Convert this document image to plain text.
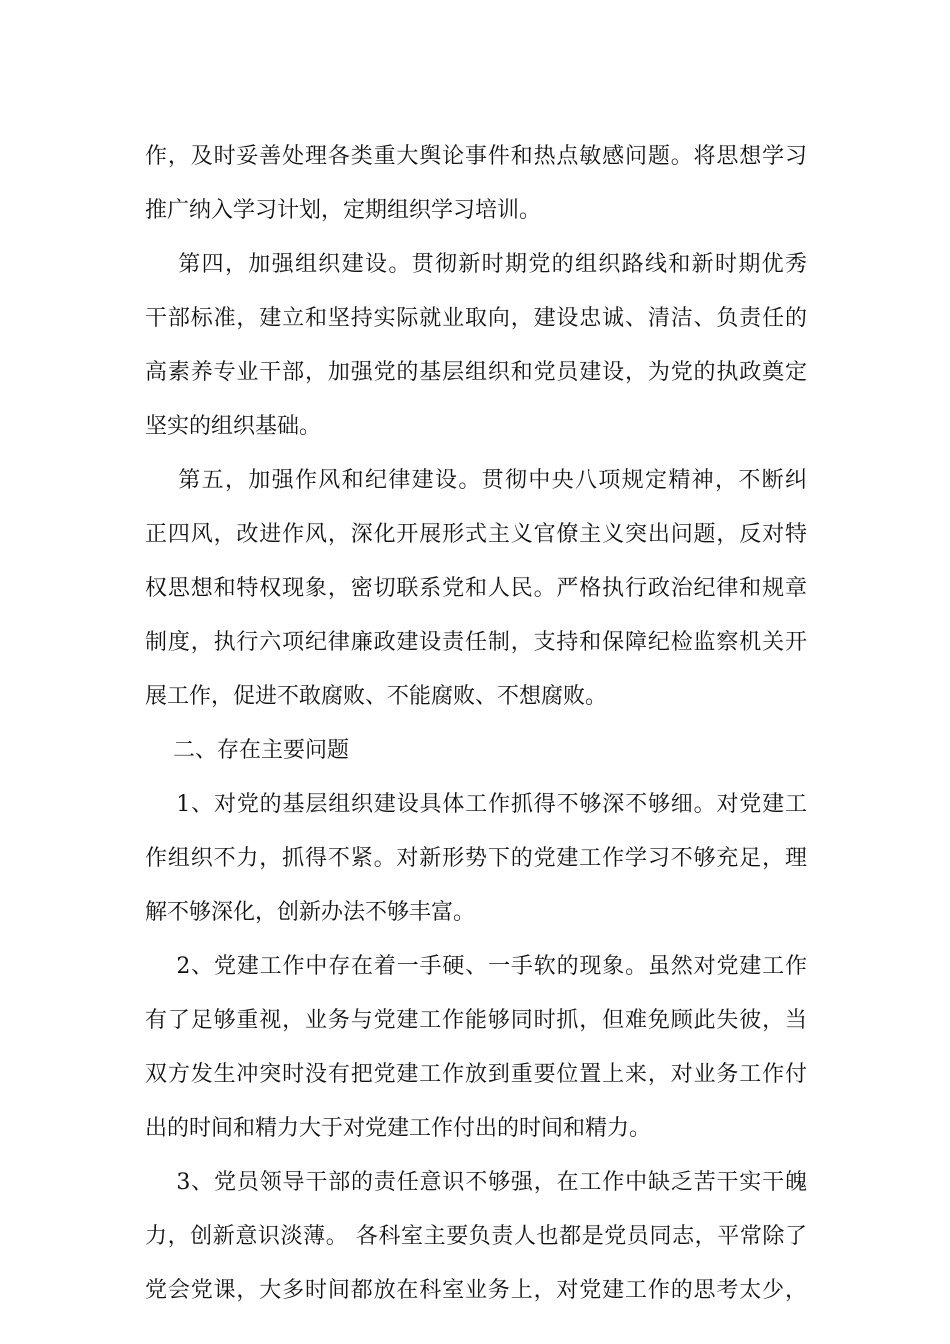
作，及时妥善处理各类重大舆论事件和热点敏感问题。将思想学习
推广纳入学习计划，定期组织学习培训。
第四，加强组织建设。贯彻新时期党的组织路线和新时期优秀
干部标准，建立和坚持实际就业取向，建设忠诚、清洁、负责任的
高素养专业干部，加强党的基层组织和党员建设，为党的执政奠定
坚实的组织基础。
第五，加强作风和纪律建设。贯彻中央八项规定精神，不断纠
正四风，改进作风，深化开展形式主义官僚主义突出问题，反对特
权思想和特权现象，密切联系党和人民。严格执行政治纪律和规章
制度，执行六项纪律廉政建设责任制，支持和保障纪检监察机关开
展工作，促进不敢腐败、不能腐败、不想腐败。
二、存在主要问题
1、对党的基层组织建设具体工作抓得不够深不够细。对党建工
作组织不力，抓得不紧。对新形势下的党建工作学习不够充足，理
解不够深化，创新办法不够丰富。
2、党建工作中存在着一手硬、一手软的现象。虽然对党建工作
有了足够重视，业务与党建工作能够同时抓，但难免顾此失彼，当
双方发生冲突时没有把党建工作放到重要位置上来，对业务工作付
出的时间和精力大于对党建工作付出的时间和精力。
3、党员领导干部的责任意识不够强，在工作中缺乏苦干实干魄
力，创新意识淡薄。 各科室主要负责人也都是党员同志，平常除了
党会党课，大多时间都放在科室业务上，对党建工作的思考太少，
